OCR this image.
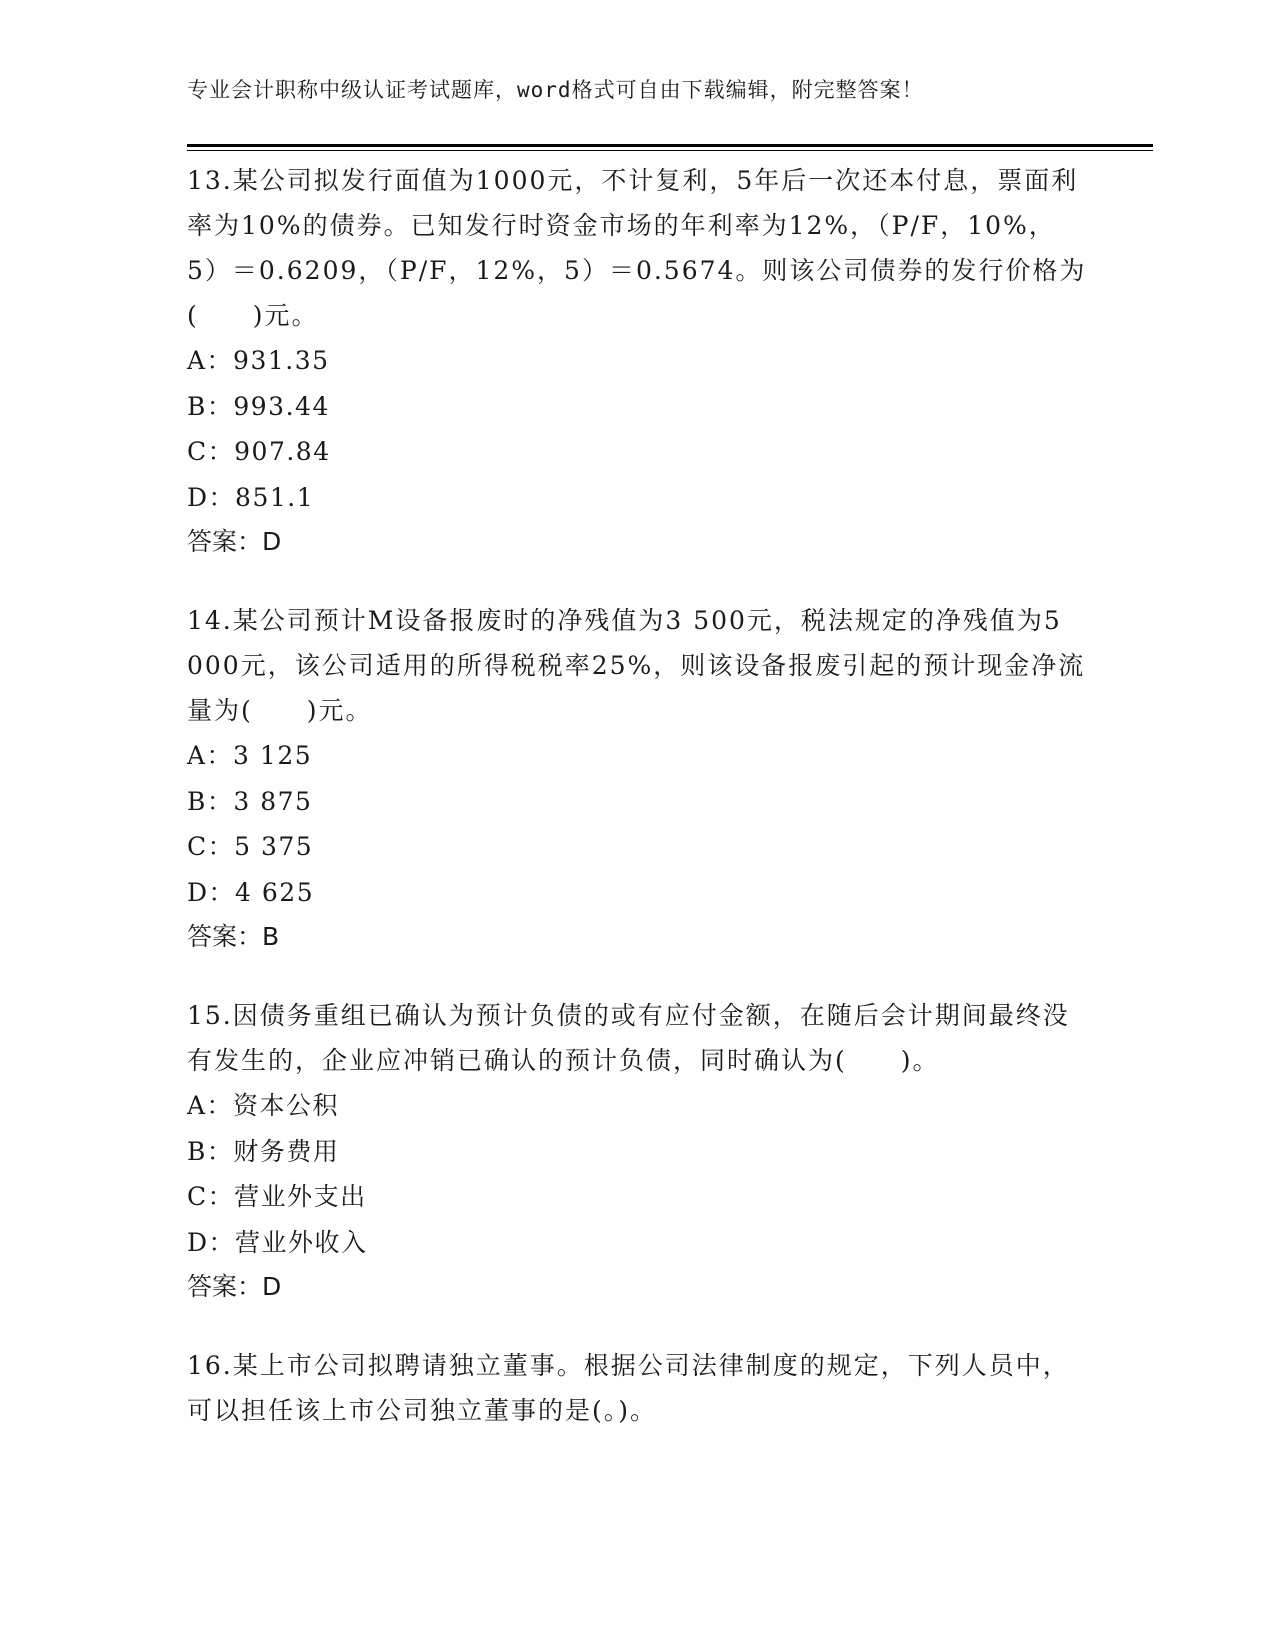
专业会计职称中级认证考试题库，word格式可自由下载编辑，附完整答案！

13.某公司拟发行面值为1000元，不计复利，5年后一次还本付息，票面利率为10%的债券。已知发行时资金市场的年利率为12%，（P/F，10%，5）＝0.6209，（P/F，12%，5）＝0.5674。则该公司债券的发行价格为(　　)元。

A：931.35

B：993.44

C：907.84

D：851.1

答案：D

14.某公司预计M设备报废时的净残值为3 500元，税法规定的净残值为5 000元，该公司适用的所得税税率25%，则该设备报废引起的预计现金净流量为(　　)元。

A：3 125

B：3 875

C：5 375

D：4 625

答案：B

15.因债务重组已确认为预计负债的或有应付金额，在随后会计期间最终没有发生的，企业应冲销已确认的预计负债，同时确认为(　　)。

A：资本公积

B：财务费用

C：营业外支出

D：营业外收入

答案：D

16.某上市公司拟聘请独立董事。根据公司法律制度的规定，下列人员中，可以担任该上市公司独立董事的是(。)。
